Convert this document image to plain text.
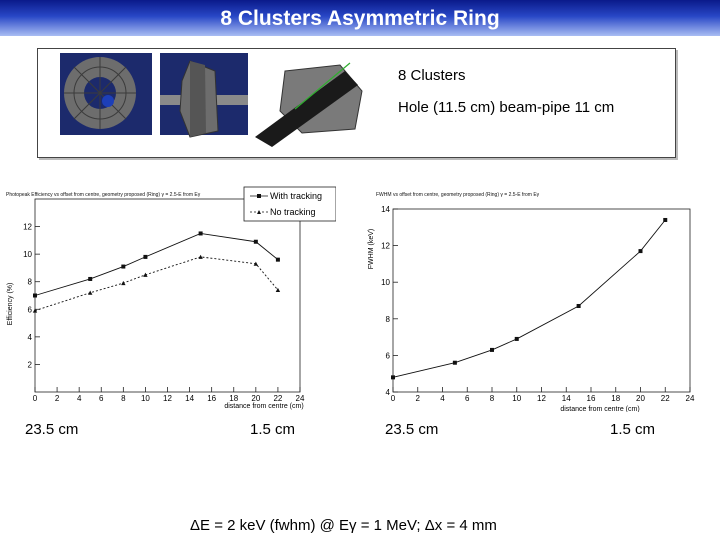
8 Clusters Asymmetric Ring
8 Clusters
Hole (11.5 cm) beam-pipe 11 cm
Photopeak Efficiency vs offset from centre, geometry proposed (Ring) γ = 2.5-E from Eγ
2
4
6
8
10
12
0 2 4 6 8 10 12 14 16 18 20 22 24
Efficiency (%)
distance from centre (cm)
With tracking
No tracking
FWHM vs offset from centre, geometry proposed (Ring) γ = 2.5-E from Eγ
4
6
8
10
12
14
0	2	4	6	8 10 12 14 16 18 20 22 24
FWHM (keV)
distance from centre (cm)
23.5 cm	1.5 cm	23.5 cm	1.5 cm
ΔE = 2 keV (fwhm) @ Eγ = 1 MeV; Δx = 4 mm
